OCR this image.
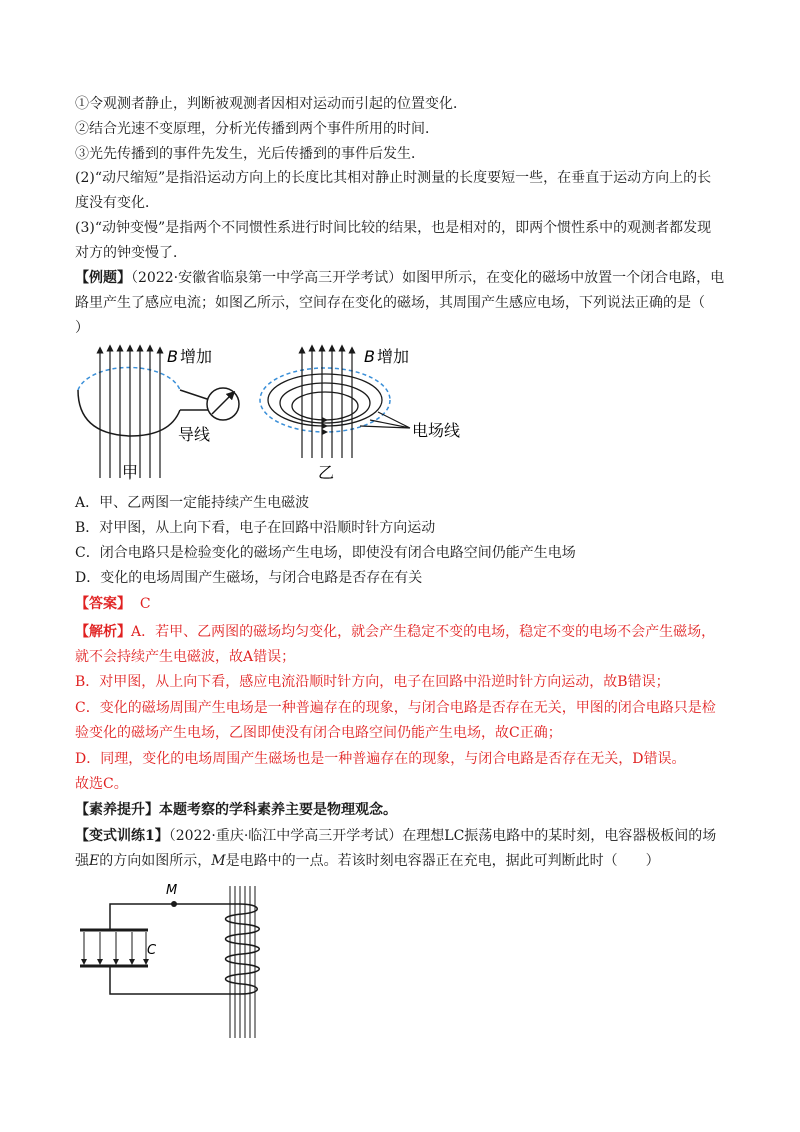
①令观测者静止，判断被观测者因相对运动而引起的位置变化．
②结合光速不变原理，分析光传播到两个事件所用的时间．
③光先传播到的事件先发生，光后传播到的事件后发生．
(2)“动尺缩短”是指沿运动方向上的长度比其相对静止时测量的长度要短一些，在垂直于运动方向上的长
度没有变化．
(3)“动钟变慢”是指两个不同惯性系进行时间比较的结果，也是相对的，即两个惯性系中的观测者都发现
对方的钟变慢了．
【例题】（2022·安徽省临泉第一中学高三开学考试）如图甲所示，在变化的磁场中放置一个闭合电路，电
路里产生了感应电流；如图乙所示，空间存在变化的磁场，其周围产生感应电场，下列说法正确的是（
）
B 增加
导线
甲
B 增加
电场线
乙
A．甲、乙两图一定能持续产生电磁波
B．对甲图，从上向下看，电子在回路中沿顺时针方向运动
C．闭合电路只是检验变化的磁场产生电场，即使没有闭合电路空间仍能产生电场
D．变化的电场周围产生磁场，与闭合电路是否存在有关
【答案】 C
【解析】A．若甲、乙两图的磁场均匀变化，就会产生稳定不变的电场，稳定不变的电场不会产生磁场，
就不会持续产生电磁波，故A错误；
B．对甲图，从上向下看，感应电流沿顺时针方向，电子在回路中沿逆时针方向运动，故B错误；
C．变化的磁场周围产生电场是一种普遍存在的现象，与闭合电路是否存在无关，甲图的闭合电路只是检
验变化的磁场产生电场，乙图即使没有闭合电路空间仍能产生电场，故C正确；
D．同理，变化的电场周围产生磁场也是一种普遍存在的现象，与闭合电路是否存在无关，D错误。
故选C。
【素养提升】本题考察的学科素养主要是物理观念。
【变式训练1】（2022·重庆·临江中学高三开学考试）在理想LC振荡电路中的某时刻，电容器极板间的场
强E的方向如图所示，M是电路中的一点。若该时刻电容器正在充电，据此可判断此时（　　）
M
C
